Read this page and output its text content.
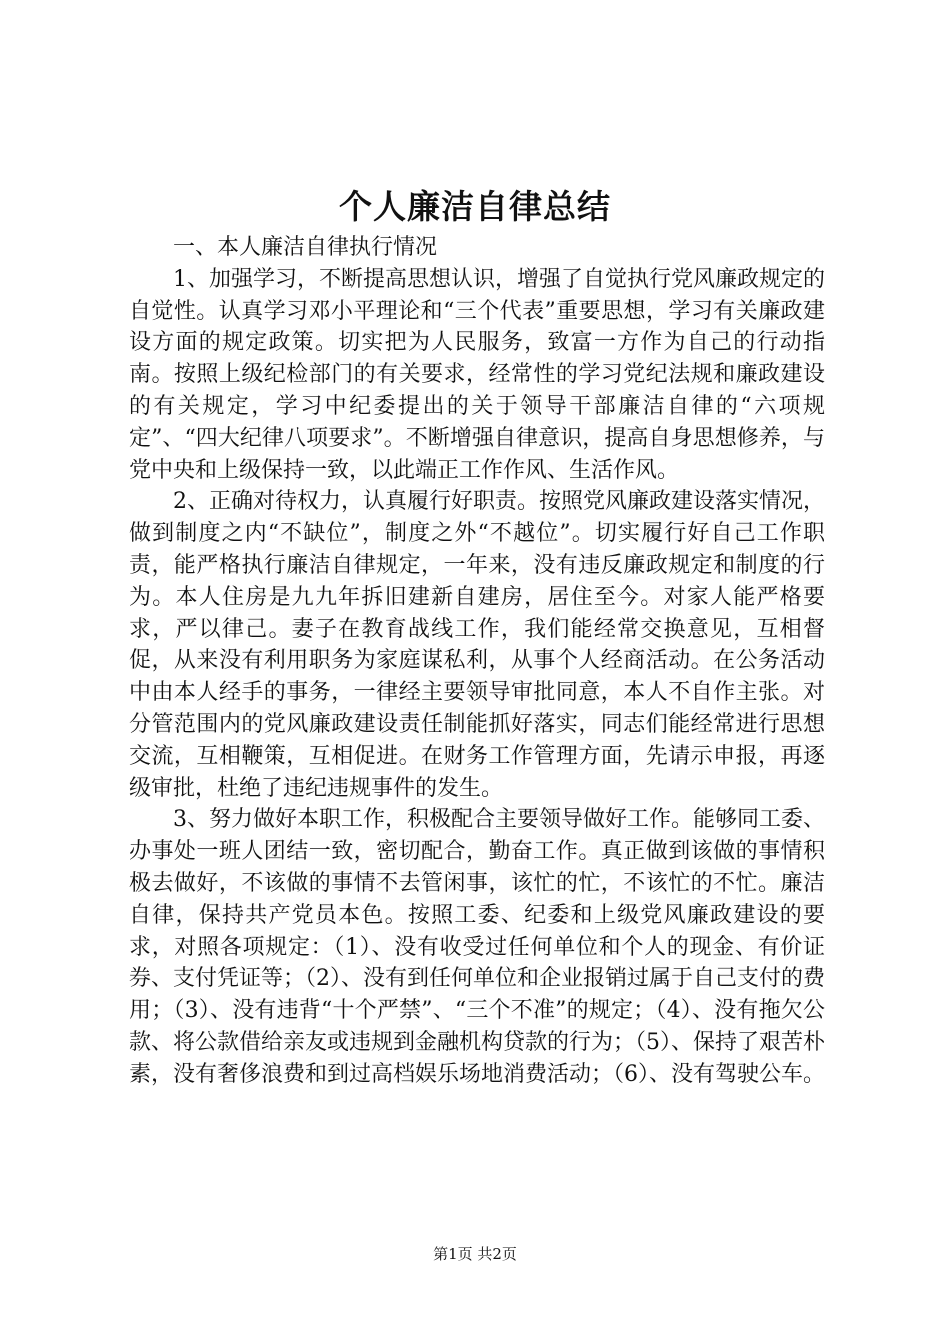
个人廉洁自律总结

一、本人廉洁自律执行情况

1、加强学习，不断提高思想认识，增强了自觉执行党风廉政规定的自觉性。认真学习邓小平理论和“三个代表”重要思想，学习有关廉政建设方面的规定政策。切实把为人民服务，致富一方作为自己的行动指南。按照上级纪检部门的有关要求，经常性的学习党纪法规和廉政建设的有关规定，学习中纪委提出的关于领导干部廉洁自律的“六项规定”、“四大纪律八项要求”。不断增强自律意识，提高自身思想修养，与党中央和上级保持一致，以此端正工作作风、生活作风。

2、正确对待权力，认真履行好职责。按照党风廉政建设落实情况，做到制度之内“不缺位”，制度之外“不越位”。切实履行好自己工作职责，能严格执行廉洁自律规定，一年来，没有违反廉政规定和制度的行为。本人住房是九九年拆旧建新自建房，居住至今。对家人能严格要求，严以律己。妻子在教育战线工作，我们能经常交换意见，互相督促，从来没有利用职务为家庭谋私利，从事个人经商活动。在公务活动中由本人经手的事务，一律经主要领导审批同意，本人不自作主张。对分管范围内的党风廉政建设责任制能抓好落实，同志们能经常进行思想交流，互相鞭策，互相促进。在财务工作管理方面，先请示申报，再逐级审批，杜绝了违纪违规事件的发生。

3、努力做好本职工作，积极配合主要领导做好工作。能够同工委、办事处一班人团结一致，密切配合，勤奋工作。真正做到该做的事情积极去做好，不该做的事情不去管闲事，该忙的忙，不该忙的不忙。廉洁自律，保持共产党员本色。按照工委、纪委和上级党风廉政建设的要求，对照各项规定：（1）、没有收受过任何单位和个人的现金、有价证券、支付凭证等；（2）、没有到任何单位和企业报销过属于自己支付的费用；（3）、没有违背“十个严禁”、“三个不准”的规定；（4）、没有拖欠公款、将公款借给亲友或违规到金融机构贷款的行为；（5）、保持了艰苦朴素，没有奢侈浪费和到过高档娱乐场地消费活动；（6）、没有驾驶公车。

第1页 共2页
